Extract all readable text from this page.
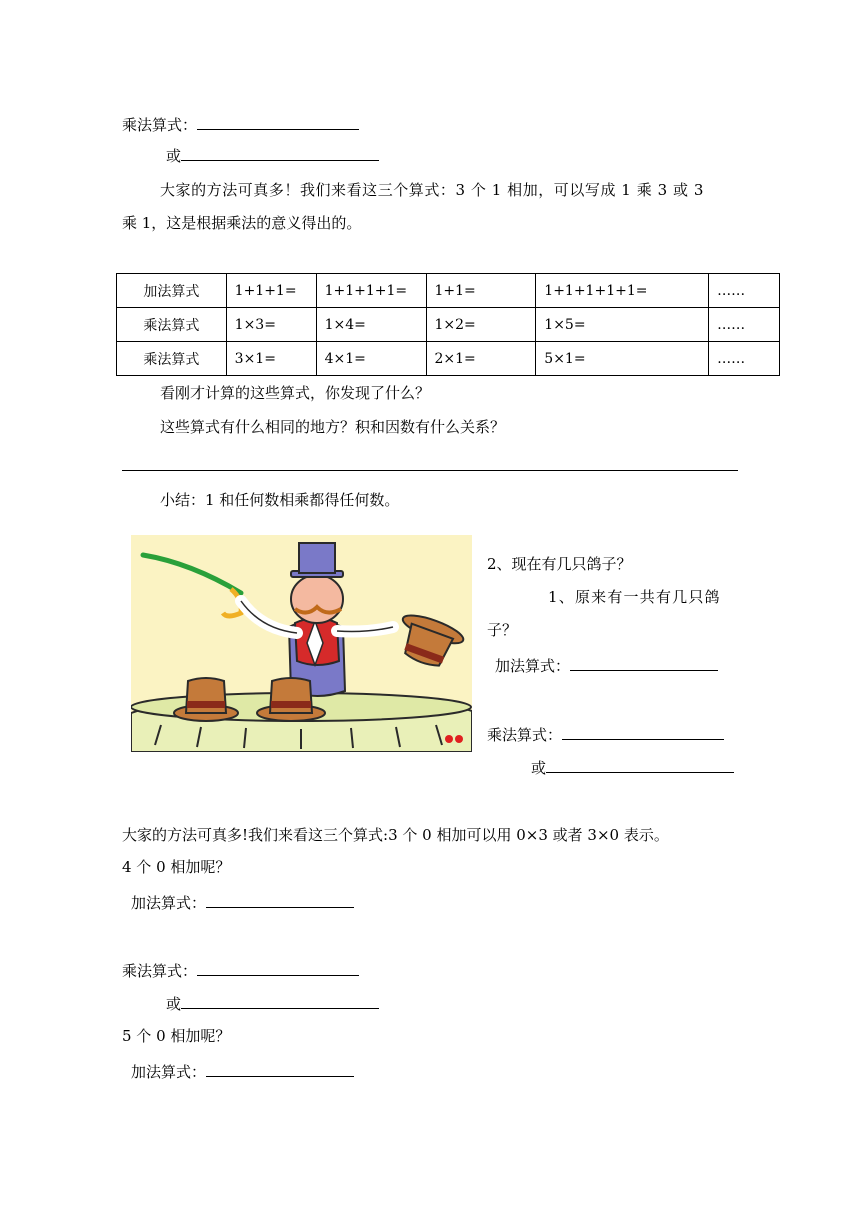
乘法算式：
或
大家的方法可真多！我们来看这三个算式：3 个 1 相加，可以写成 1 乘 3 或 3
乘 1，这是根据乘法的意义得出的。
加法算式	1+1+1=	1+1+1+1=	1+1=	1+1+1+1+1=	……
乘法算式	1×3=	1×4=	1×2=	1×5=	……
乘法算式	3×1=	4×1=	2×1=	5×1=	……
看刚才计算的这些算式，你发现了什么？
这些算式有什么相同的地方？积和因数有什么关系？
小结：1 和任何数相乘都得任何数。
2、现在有几只鸽子？
1、原来有一共有几只鸽
子？
加法算式：
乘法算式：
或
大家的方法可真多!我们来看这三个算式:3 个 0 相加可以用 0×3 或者 3×0 表示。
4 个 0 相加呢？
加法算式：
乘法算式：
或
5 个 0 相加呢？
加法算式：
